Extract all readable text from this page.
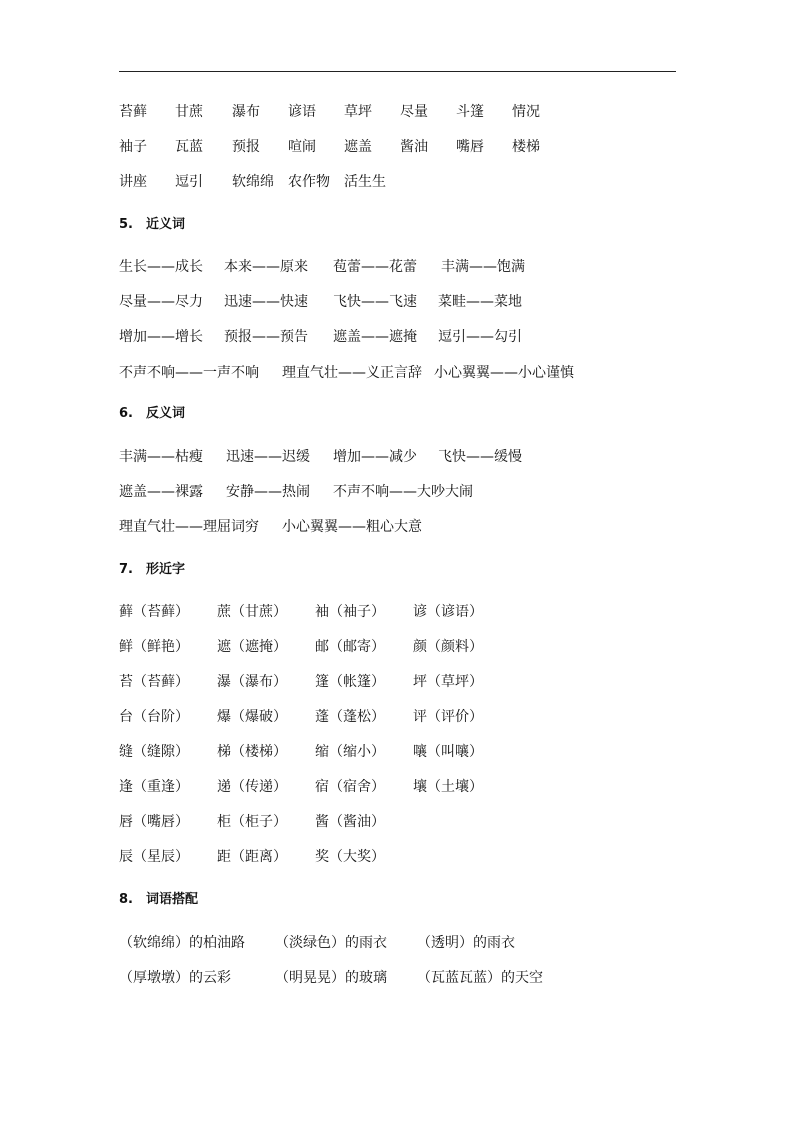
苔藓 甘蔗 瀑布 谚语 草坪 尽量 斗篷 情况
袖子 瓦蓝 预报 喧闹 遮盖 酱油 嘴唇 楼梯
讲座 逗引 软绵绵 农作物 活生生
5.　近义词
生长——成长 本来——原来 苞蕾——花蕾 丰满——饱满
尽量——尽力 迅速——快速 飞快——飞速 菜畦——菜地
增加——增长 预报——预告 遮盖——遮掩 逗引——勾引
不声不响——一声不响 理直气壮——义正言辞 小心翼翼——小心谨慎
6.　反义词
丰满——枯瘦 迅速——迟缓 增加——减少 飞快——缓慢
遮盖——裸露 安静——热闹 不声不响——大吵大闹
理直气壮——理屈词穷 小心翼翼——粗心大意
7.　形近字
藓（苔藓） 蔗（甘蔗） 袖（袖子） 谚（谚语）
鲜（鲜艳） 遮（遮掩） 邮（邮寄） 颜（颜料）
苔（苔藓） 瀑（瀑布） 篷（帐篷） 坪（草坪）
台（台阶） 爆（爆破） 蓬（蓬松） 评（评价）
缝（缝隙） 梯（楼梯） 缩（缩小） 嚷（叫嚷）
逢（重逢） 递（传递） 宿（宿舍） 壤（土壤）
唇（嘴唇） 柜（柜子） 酱（酱油）
辰（星辰） 距（距离） 奖（大奖）
8.　词语搭配
（软绵绵）的柏油路 （淡绿色）的雨衣 （透明）的雨衣
（厚墩墩）的云彩	（明晃晃）的玻璃 （瓦蓝瓦蓝）的天空
